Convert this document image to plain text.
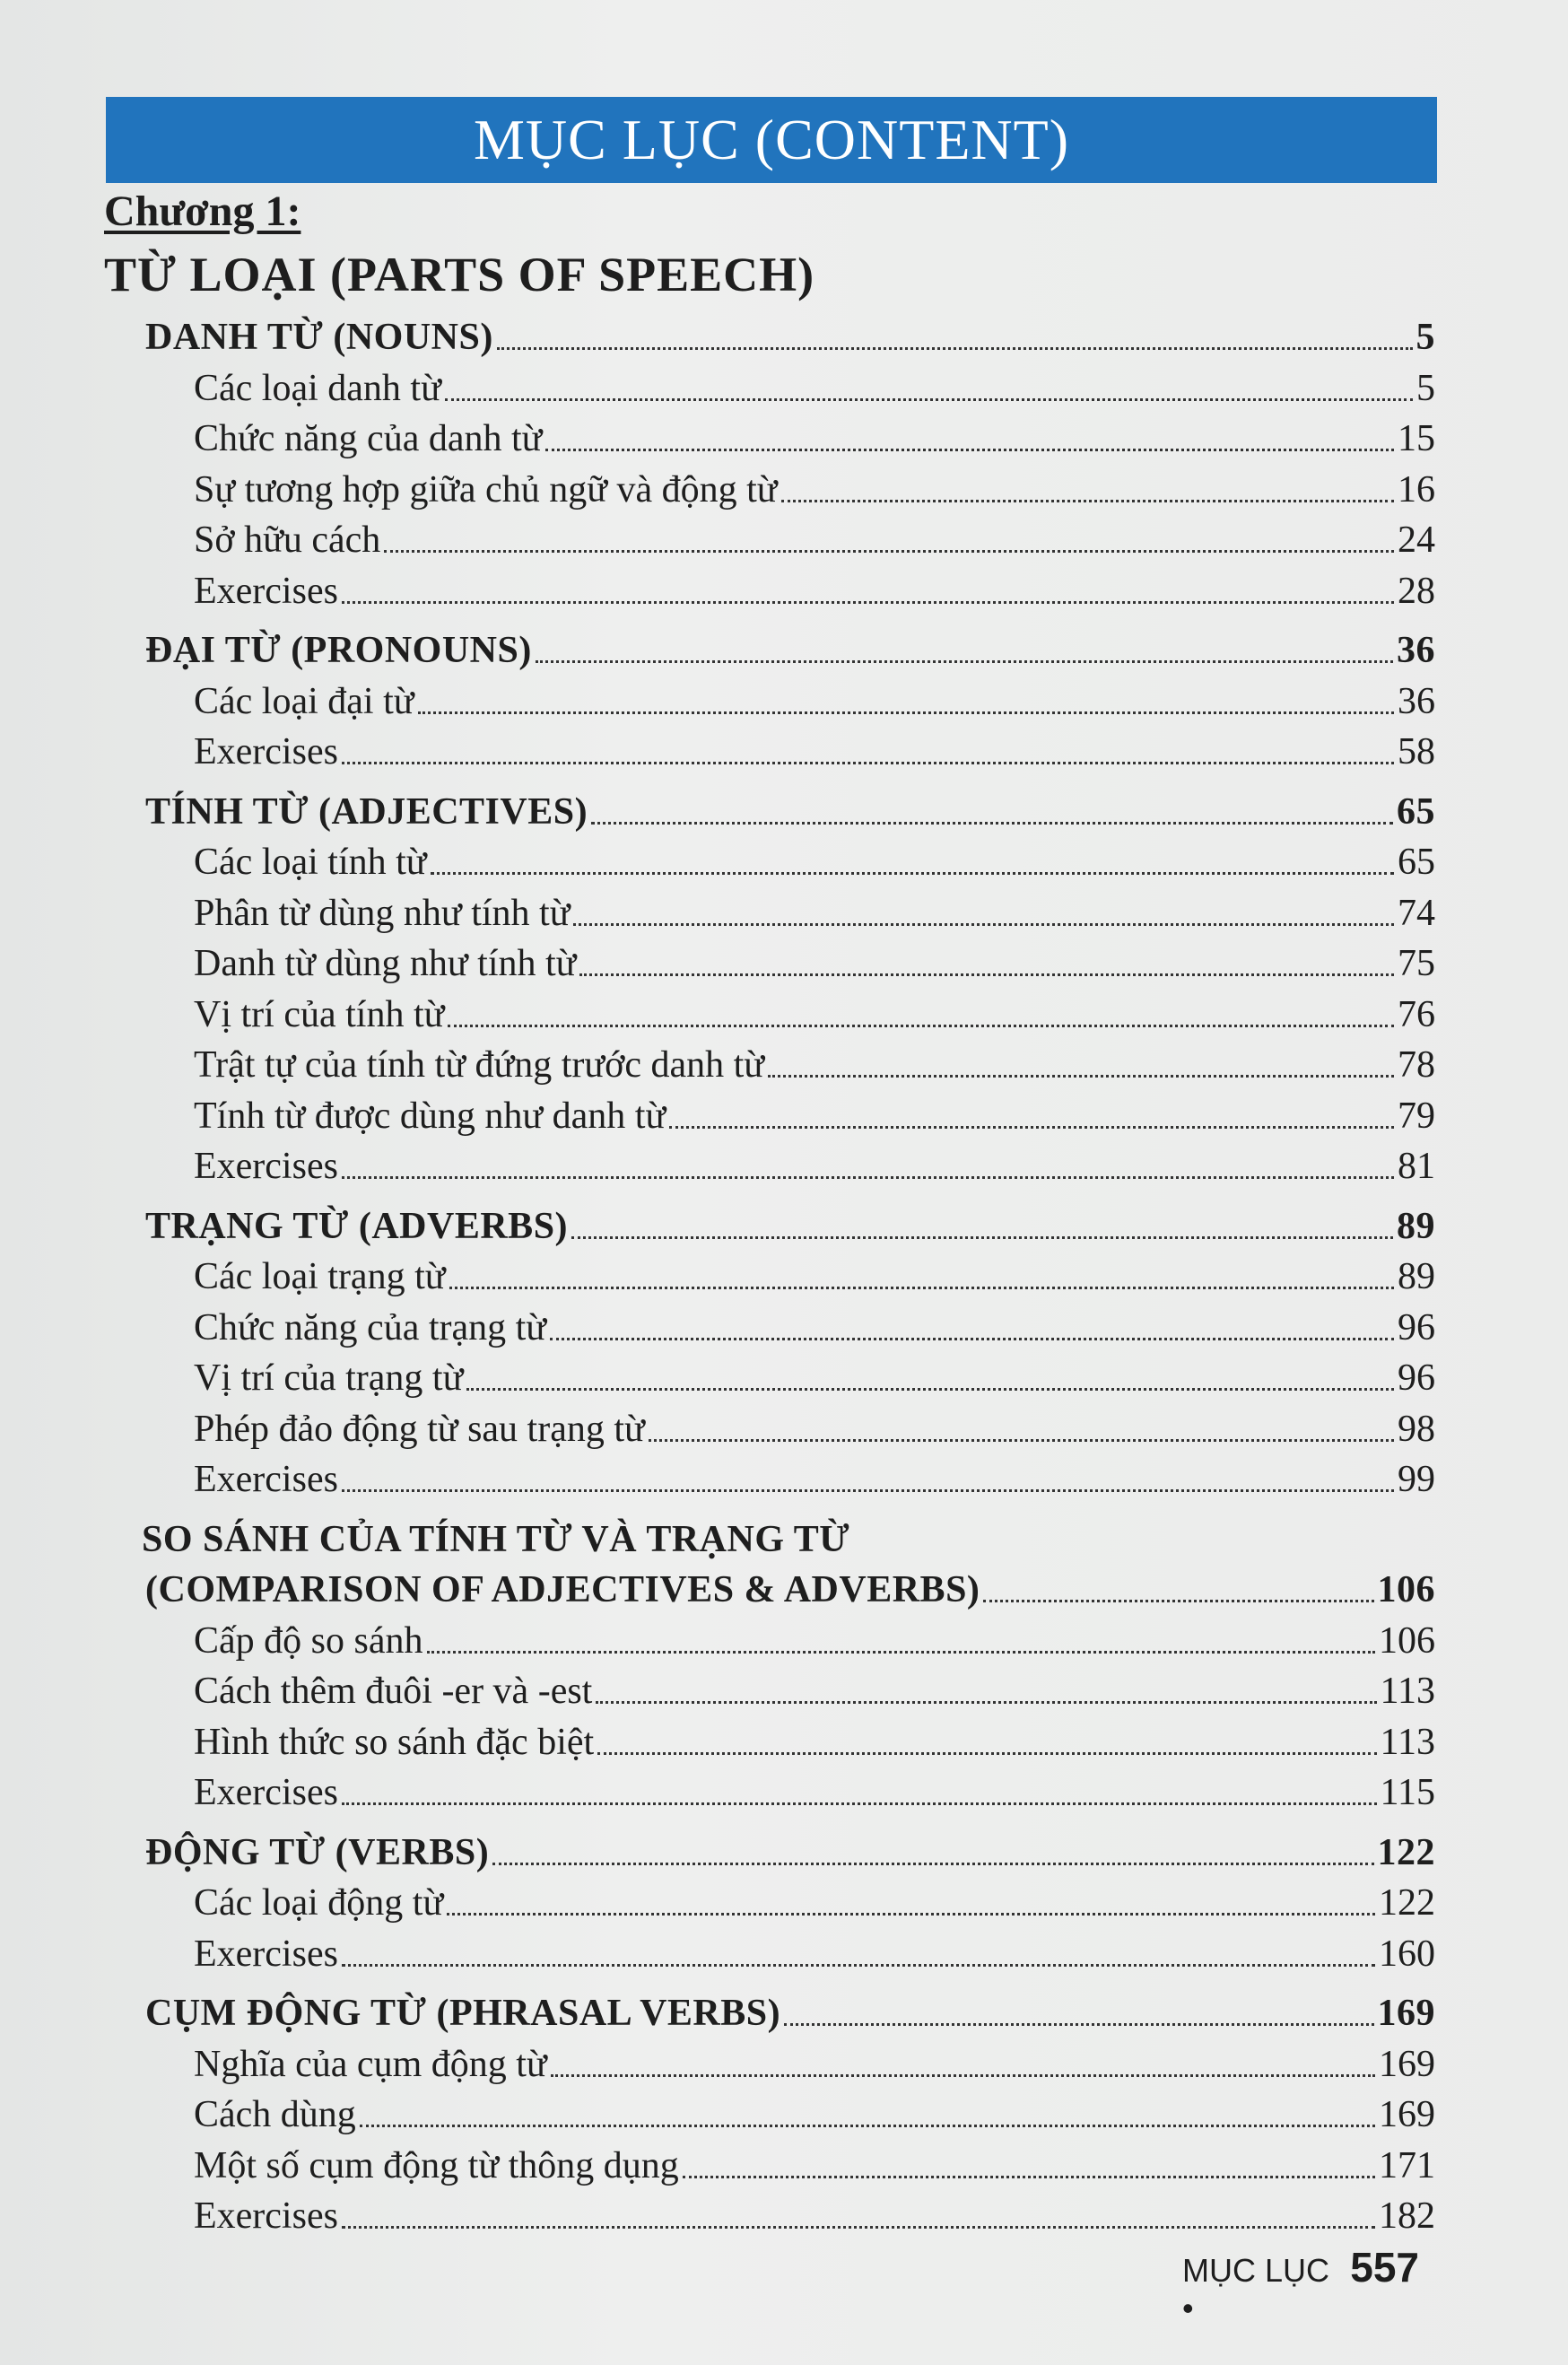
MỤC LỤC (CONTENT)
Chương 1:
TỪ LOẠI (PARTS OF SPEECH)
DANH TỪ (NOUNS)	5
Các loại danh từ	5
Chức năng của danh từ	15
Sự tương hợp giữa chủ ngữ và động từ	16
Sở hữu cách	24
Exercises	28
ĐẠI TỪ (PRONOUNS)	36
Các loại đại từ	36
Exercises	58
TÍNH TỪ (ADJECTIVES)	65
Các loại tính từ	65
Phân từ dùng như tính từ	74
Danh từ dùng như tính từ	75
Vị trí của tính từ	76
Trật tự của tính từ đứng trước danh từ	78
Tính từ được dùng như danh từ	79
Exercises	81
TRẠNG TỪ (ADVERBS)	89
Các loại trạng từ	89
Chức năng của trạng từ	96
Vị trí của trạng từ	96
Phép đảo động từ sau trạng từ	98
Exercises	99
SO SÁNH CỦA TÍNH TỪ VÀ TRẠNG TỪ
(COMPARISON OF ADJECTIVES & ADVERBS)	106
Cấp độ so sánh	106
Cách thêm đuôi -er và -est	113
Hình thức so sánh đặc biệt	113
Exercises	115
ĐỘNG TỪ (VERBS)	122
Các loại động từ	122
Exercises	160
CỤM ĐỘNG TỪ (PHRASAL VERBS)	169
Nghĩa của cụm động từ	169
Cách dùng	169
Một số cụm động từ thông dụng	171
Exercises	182
MỤC LỤC •
557
